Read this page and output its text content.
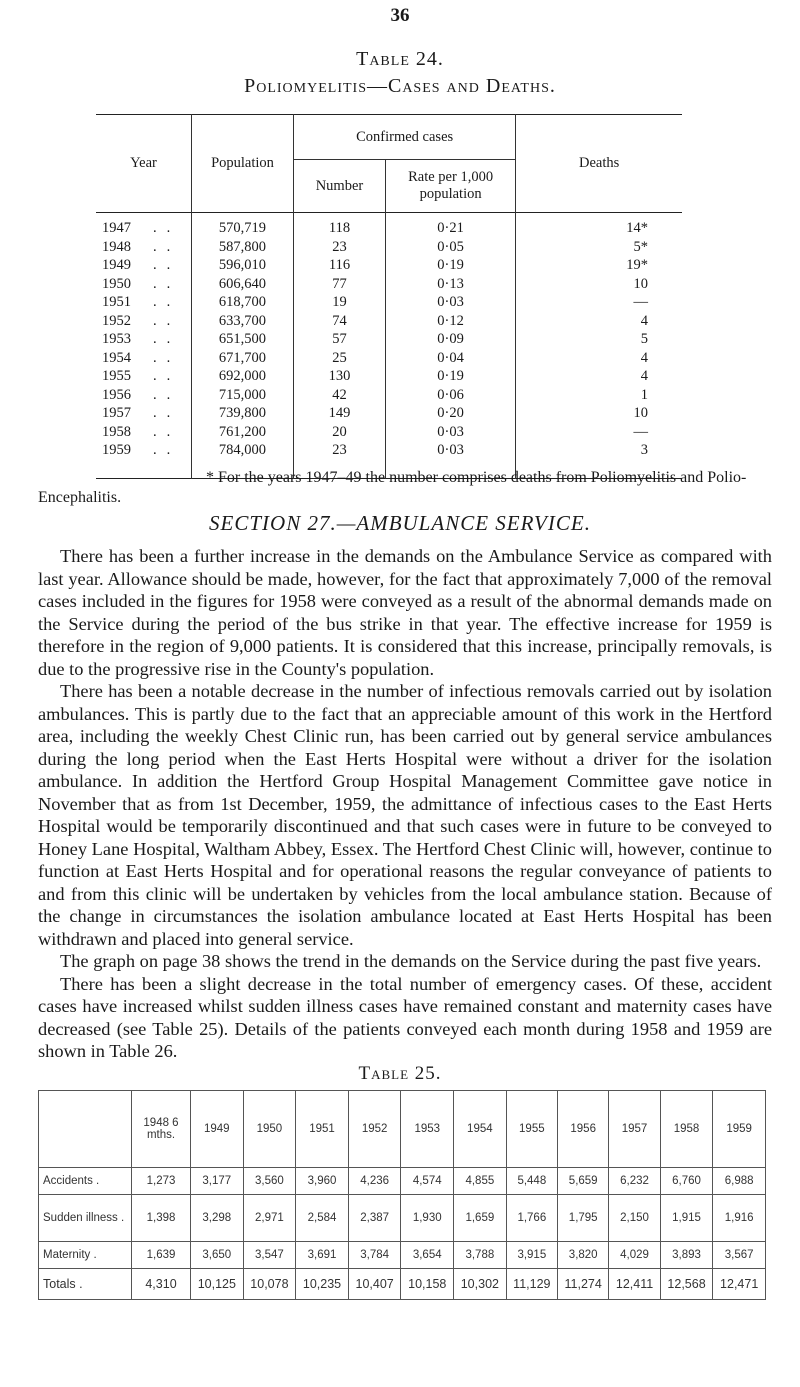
36
Table 24.
Poliomyelitis—Cases and Deaths.
Year	Population	Confirmed cases		Deaths
		Number	Rate per 1,000 population	
1947 ..	570,719	118	0·21	14*
1948 ..	587,800	23	0·05	5*
1949 ..	596,010	116	0·19	19*
1950 ..	606,640	77	0·13	10
1951 ..	618,700	19	0·03	—
1952 ..	633,700	74	0·12	4
1953 ..	651,500	57	0·09	5
1954 ..	671,700	25	0·04	4
1955 ..	692,000	130	0·19	4
1956 ..	715,000	42	0·06	1
1957 ..	739,800	149	0·20	10
1958 ..	761,200	20	0·03	—
1959 ..	784,000	23	0·03	3
* For the years 1947–49 the number comprises deaths from Poliomyelitis and Polio-Encephalitis.
SECTION 27.—AMBULANCE SERVICE.

There has been a further increase in the demands on the Ambulance Service as compared with last year. Allowance should be made, however, for the fact that approximately 7,000 of the removal cases included in the figures for 1958 were conveyed as a result of the abnormal demands made on the Service during the period of the bus strike in that year. The effective increase for 1959 is therefore in the region of 9,000 patients. It is considered that this increase, principally removals, is due to the progressive rise in the County's population.

There has been a notable decrease in the number of infectious removals carried out by isolation ambulances. This is partly due to the fact that an appreciable amount of this work in the Hertford area, including the weekly Chest Clinic run, has been carried out by general service ambulances during the long period when the East Herts Hospital were without a driver for the isolation ambulance. In addition the Hertford Group Hospital Management Committee gave notice in November that as from 1st December, 1959, the admittance of infectious cases to the East Herts Hospital would be temporarily discontinued and that such cases were in future to be conveyed to Honey Lane Hospital, Waltham Abbey, Essex. The Hertford Chest Clinic will, however, continue to function at East Herts Hospital and for operational reasons the regular conveyance of patients to and from this clinic will be undertaken by vehicles from the local ambulance station. Because of the change in circumstances the isolation ambulance located at East Herts Hospital has been withdrawn and placed into general service.

The graph on page 38 shows the trend in the demands on the Service during the past five years.

There has been a slight decrease in the total number of emergency cases. Of these, accident cases have increased whilst sudden illness cases have remained constant and maternity cases have decreased (see Table 25). Details of the patients conveyed each month during 1958 and 1959 are shown in Table 26.

Table 25.
	1948 6 mths.	1949	1950	1951	1952	1953	1954	1955	1956	1957	1958	1959
Accidents .	1,273	3,177	3,560	3,960	4,236	4,574	4,855	5,448	5,659	6,232	6,760	6,988
Sudden illness .	1,398	3,298	2,971	2,584	2,387	1,930	1,659	1,766	1,795	2,150	1,915	1,916
Maternity .	1,639	3,650	3,547	3,691	3,784	3,654	3,788	3,915	3,820	4,029	3,893	3,567
Totals .	4,310	10,125	10,078	10,235	10,407	10,158	10,302	11,129	11,274	12,411	12,568	12,471
